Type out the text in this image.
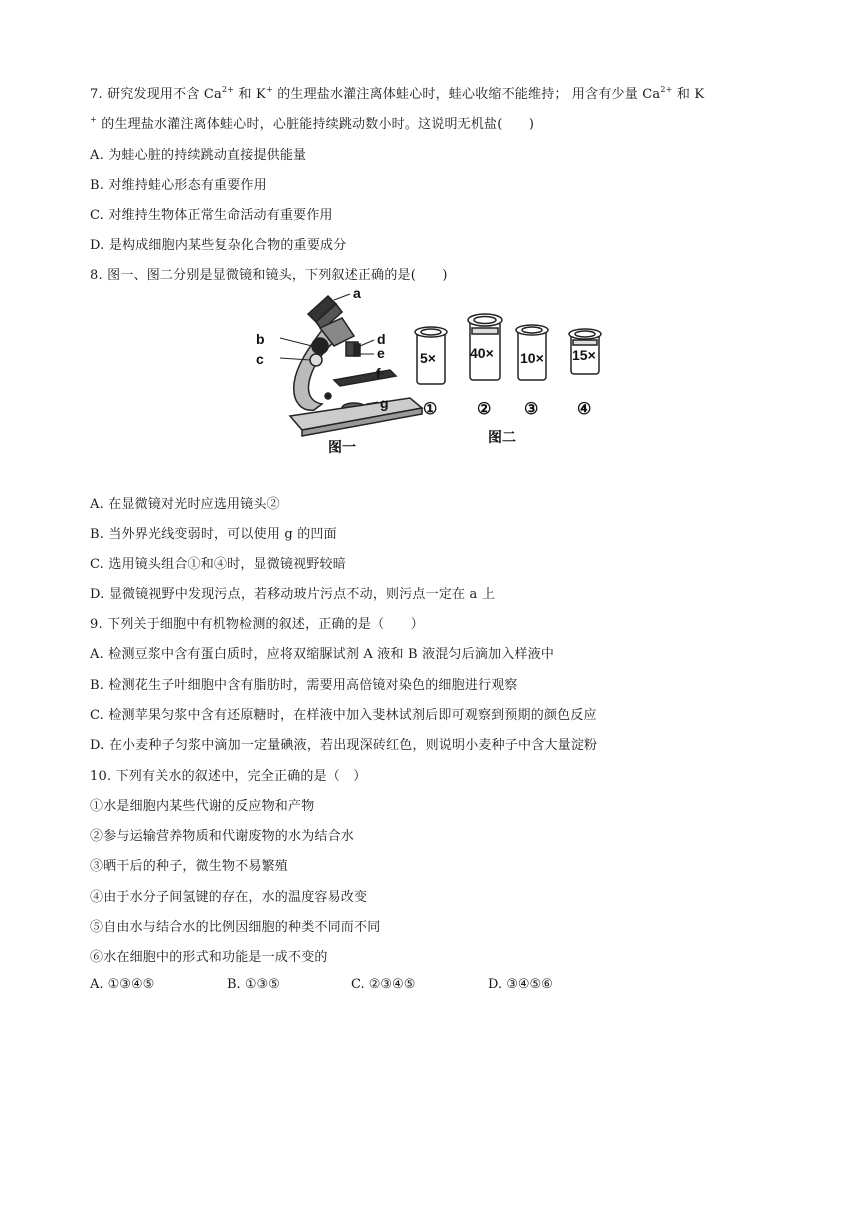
7. 研究发现用不含 $Ca^{2+}$ 和 K+ 的生理盐水灌注离体蛙心时，蛙心收缩不能维持； 用含有少量 $Ca^{2+}$ 和 K
+ 的生理盐水灌注离体蛙心时，心脏能持续跳动数小时。这说明无机盐(　　)
A. 为蛙心脏的持续跳动直接提供能量
B. 对维持蛙心形态有重要作用
C. 对维持生物体正常生命活动有重要作用
D. 是构成细胞内某些复杂化合物的重要成分
8. 图一、图二分别是显微镜和镜头，下列叙述正确的是(　　)
a
b
c
d
e
f
g
图一
图二
5× 40× 10× 15×
① ② ③ ④
A. 在显微镜对光时应选用镜头②
B. 当外界光线变弱时，可以使用 g 的凹面
C. 选用镜头组合①和④时，显微镜视野较暗
D. 显微镜视野中发现污点，若移动玻片污点不动，则污点一定在 a 上
9. 下列关于细胞中有机物检测的叙述，正确的是（　　）
A. 检测豆浆中含有蛋白质时，应将双缩脲试剂 A 液和 B 液混匀后滴加入样液中
B. 检测花生子叶细胞中含有脂肪时，需要用高倍镜对染色的细胞进行观察
C. 检测苹果匀浆中含有还原糖时，在样液中加入斐林试剂后即可观察到预期的颜色反应
D. 在小麦种子匀浆中滴加一定量碘液，若出现深砖红色，则说明小麦种子中含大量淀粉
10. 下列有关水的叙述中，完全正确的是（　）
①水是细胞内某些代谢的反应物和产物
②参与运输营养物质和代谢废物的水为结合水
③晒干后的种子，微生物不易繁殖
④由于水分子间氢键的存在，水的温度容易改变
⑤自由水与结合水的比例因细胞的种类不同而不同
⑥水在细胞中的形式和功能是一成不变的
A. ①③④⑤	B. ①③⑤	C. ②③④⑤	D. ③④⑤⑥
